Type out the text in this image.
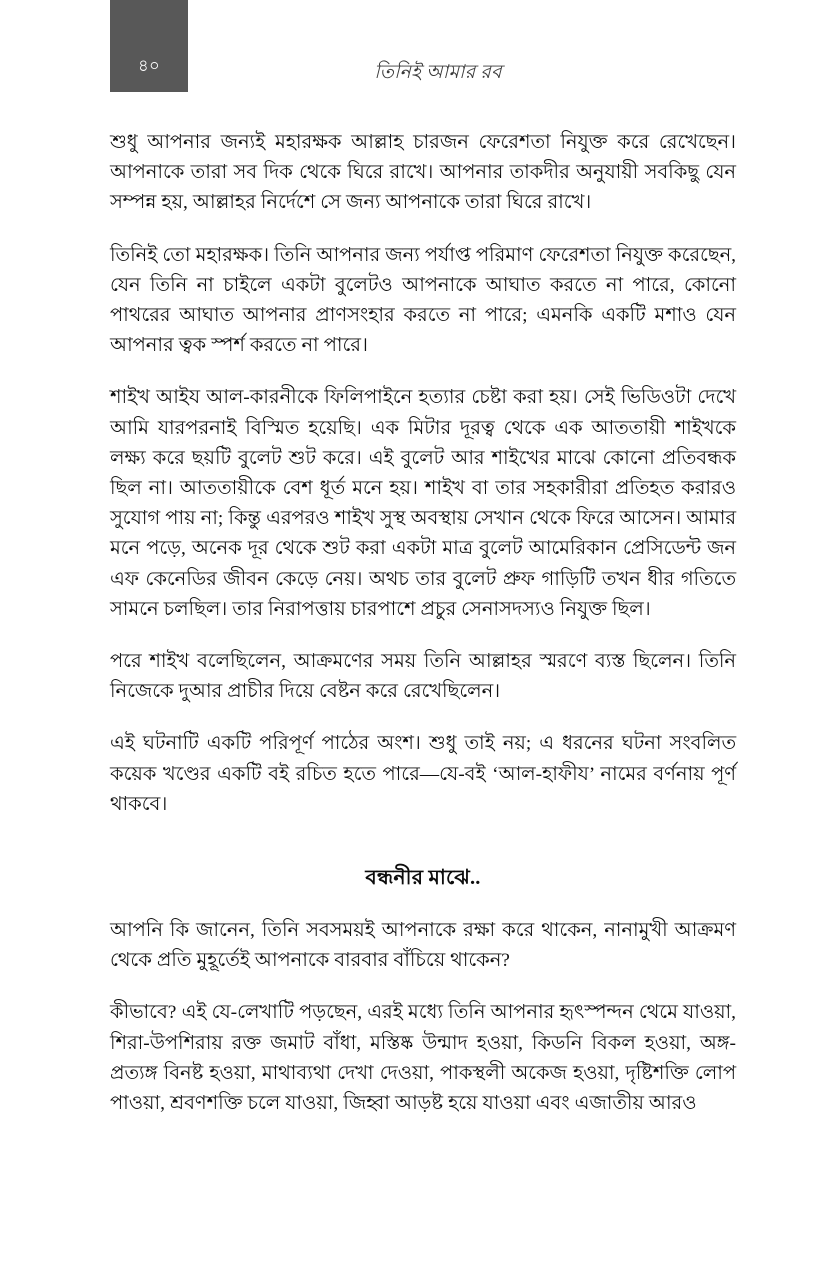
৪০	তিনিই আমার রব

শুধু আপনার জন্যই মহারক্ষক আল্লাহ চারজন ফেরেশতা নিযুক্ত করে রেখেছেন। আপনাকে তারা সব দিক থেকে ঘিরে রাখে। আপনার তাকদীর অনুযায়ী সবকিছু যেন সম্পন্ন হয়, আল্লাহর নির্দেশে সে জন্য আপনাকে তারা ঘিরে রাখে।

তিনিই তো মহারক্ষক। তিনি আপনার জন্য পর্যাপ্ত পরিমাণ ফেরেশতা নিযুক্ত করেছেন, যেন তিনি না চাইলে একটা বুলেটও আপনাকে আঘাত করতে না পারে, কোনো পাথরের আঘাত আপনার প্রাণসংহার করতে না পারে; এমনকি একটি মশাও যেন আপনার ত্বক স্পর্শ করতে না পারে।

শাইখ আইয আল-কারনীকে ফিলিপাইনে হত্যার চেষ্টা করা হয়। সেই ভিডিওটা দেখে আমি যারপরনাই বিস্মিত হয়েছি। এক মিটার দূরত্ব থেকে এক আততায়ী শাইখকে লক্ষ্য করে ছয়টি বুলেট শুট করে। এই বুলেট আর শাইখের মাঝে কোনো প্রতিবন্ধক ছিল না। আততায়ীকে বেশ ধূর্ত মনে হয়। শাইখ বা তার সহকারীরা প্রতিহত করারও সুযোগ পায় না; কিন্তু এরপরও শাইখ সুস্থ অবস্থায় সেখান থেকে ফিরে আসেন। আমার মনে পড়ে, অনেক দূর থেকে শুট করা একটা মাত্র বুলেট আমেরিকান প্রেসিডেন্ট জন এফ কেনেডির জীবন কেড়ে নেয়। অথচ তার বুলেট প্রুফ গাড়িটি তখন ধীর গতিতে সামনে চলছিল। তার নিরাপত্তায় চারপাশে প্রচুর সেনাসদস্যও নিযুক্ত ছিল।

পরে শাইখ বলেছিলেন, আক্রমণের সময় তিনি আল্লাহর স্মরণে ব্যস্ত ছিলেন। তিনি নিজেকে দুআর প্রাচীর দিয়ে বেষ্টন করে রেখেছিলেন।

এই ঘটনাটি একটি পরিপূর্ণ পাঠের অংশ। শুধু তাই নয়; এ ধরনের ঘটনা সংবলিত কয়েক খণ্ডের একটি বই রচিত হতে পারে—যে-বই ‘আল-হাফীয’ নামের বর্ণনায় পূর্ণ থাকবে।

বন্ধনীর মাঝে..

আপনি কি জানেন, তিনি সবসময়ই আপনাকে রক্ষা করে থাকেন, নানামুখী আক্রমণ থেকে প্রতি মুহূর্তেই আপনাকে বারবার বাঁচিয়ে থাকেন?

কীভাবে? এই যে-লেখাটি পড়ছেন, এরই মধ্যে তিনি আপনার হৃৎস্পন্দন থেমে যাওয়া, শিরা-উপশিরায় রক্ত জমাট বাঁধা, মস্তিষ্ক উন্মাদ হওয়া, কিডনি বিকল হওয়া, অঙ্গ-প্রত্যঙ্গ বিনষ্ট হওয়া, মাথাব্যথা দেখা দেওয়া, পাকস্থলী অকেজ হওয়া, দৃষ্টিশক্তি লোপ পাওয়া, শ্রবণশক্তি চলে যাওয়া, জিহ্বা আড়ষ্ট হয়ে যাওয়া এবং এজাতীয় আরও
